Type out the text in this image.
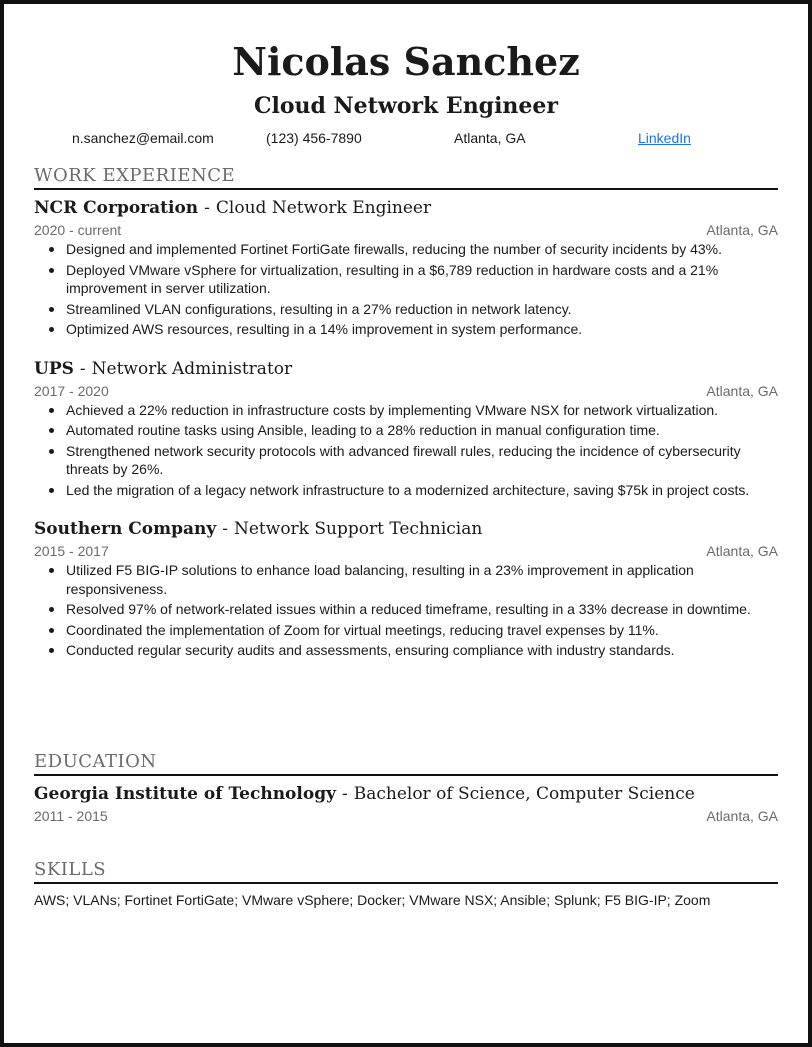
Nicolas Sanchez
Cloud Network Engineer
n.sanchez@email.com	(123) 456-7890	Atlanta, GA	LinkedIn
WORK EXPERIENCE
NCR Corporation - Cloud Network Engineer
2020 - current	Atlanta, GA
Designed and implemented Fortinet FortiGate firewalls, reducing the number of security incidents by 43%.
Deployed VMware vSphere for virtualization, resulting in a $6,789 reduction in hardware costs and a 21% improvement in server utilization.
Streamlined VLAN configurations, resulting in a 27% reduction in network latency.
Optimized AWS resources, resulting in a 14% improvement in system performance.
UPS - Network Administrator
2017 - 2020	Atlanta, GA
Achieved a 22% reduction in infrastructure costs by implementing VMware NSX for network virtualization.
Automated routine tasks using Ansible, leading to a 28% reduction in manual configuration time.
Strengthened network security protocols with advanced firewall rules, reducing the incidence of cybersecurity threats by 26%.
Led the migration of a legacy network infrastructure to a modernized architecture, saving $75k in project costs.
Southern Company - Network Support Technician
2015 - 2017	Atlanta, GA
Utilized F5 BIG-IP solutions to enhance load balancing, resulting in a 23% improvement in application responsiveness.
Resolved 97% of network-related issues within a reduced timeframe, resulting in a 33% decrease in downtime.
Coordinated the implementation of Zoom for virtual meetings, reducing travel expenses by 11%.
Conducted regular security audits and assessments, ensuring compliance with industry standards.
EDUCATION
Georgia Institute of Technology - Bachelor of Science, Computer Science
2011 - 2015	Atlanta, GA
SKILLS
AWS; VLANs; Fortinet FortiGate; VMware vSphere; Docker; VMware NSX; Ansible; Splunk; F5 BIG-IP; Zoom
